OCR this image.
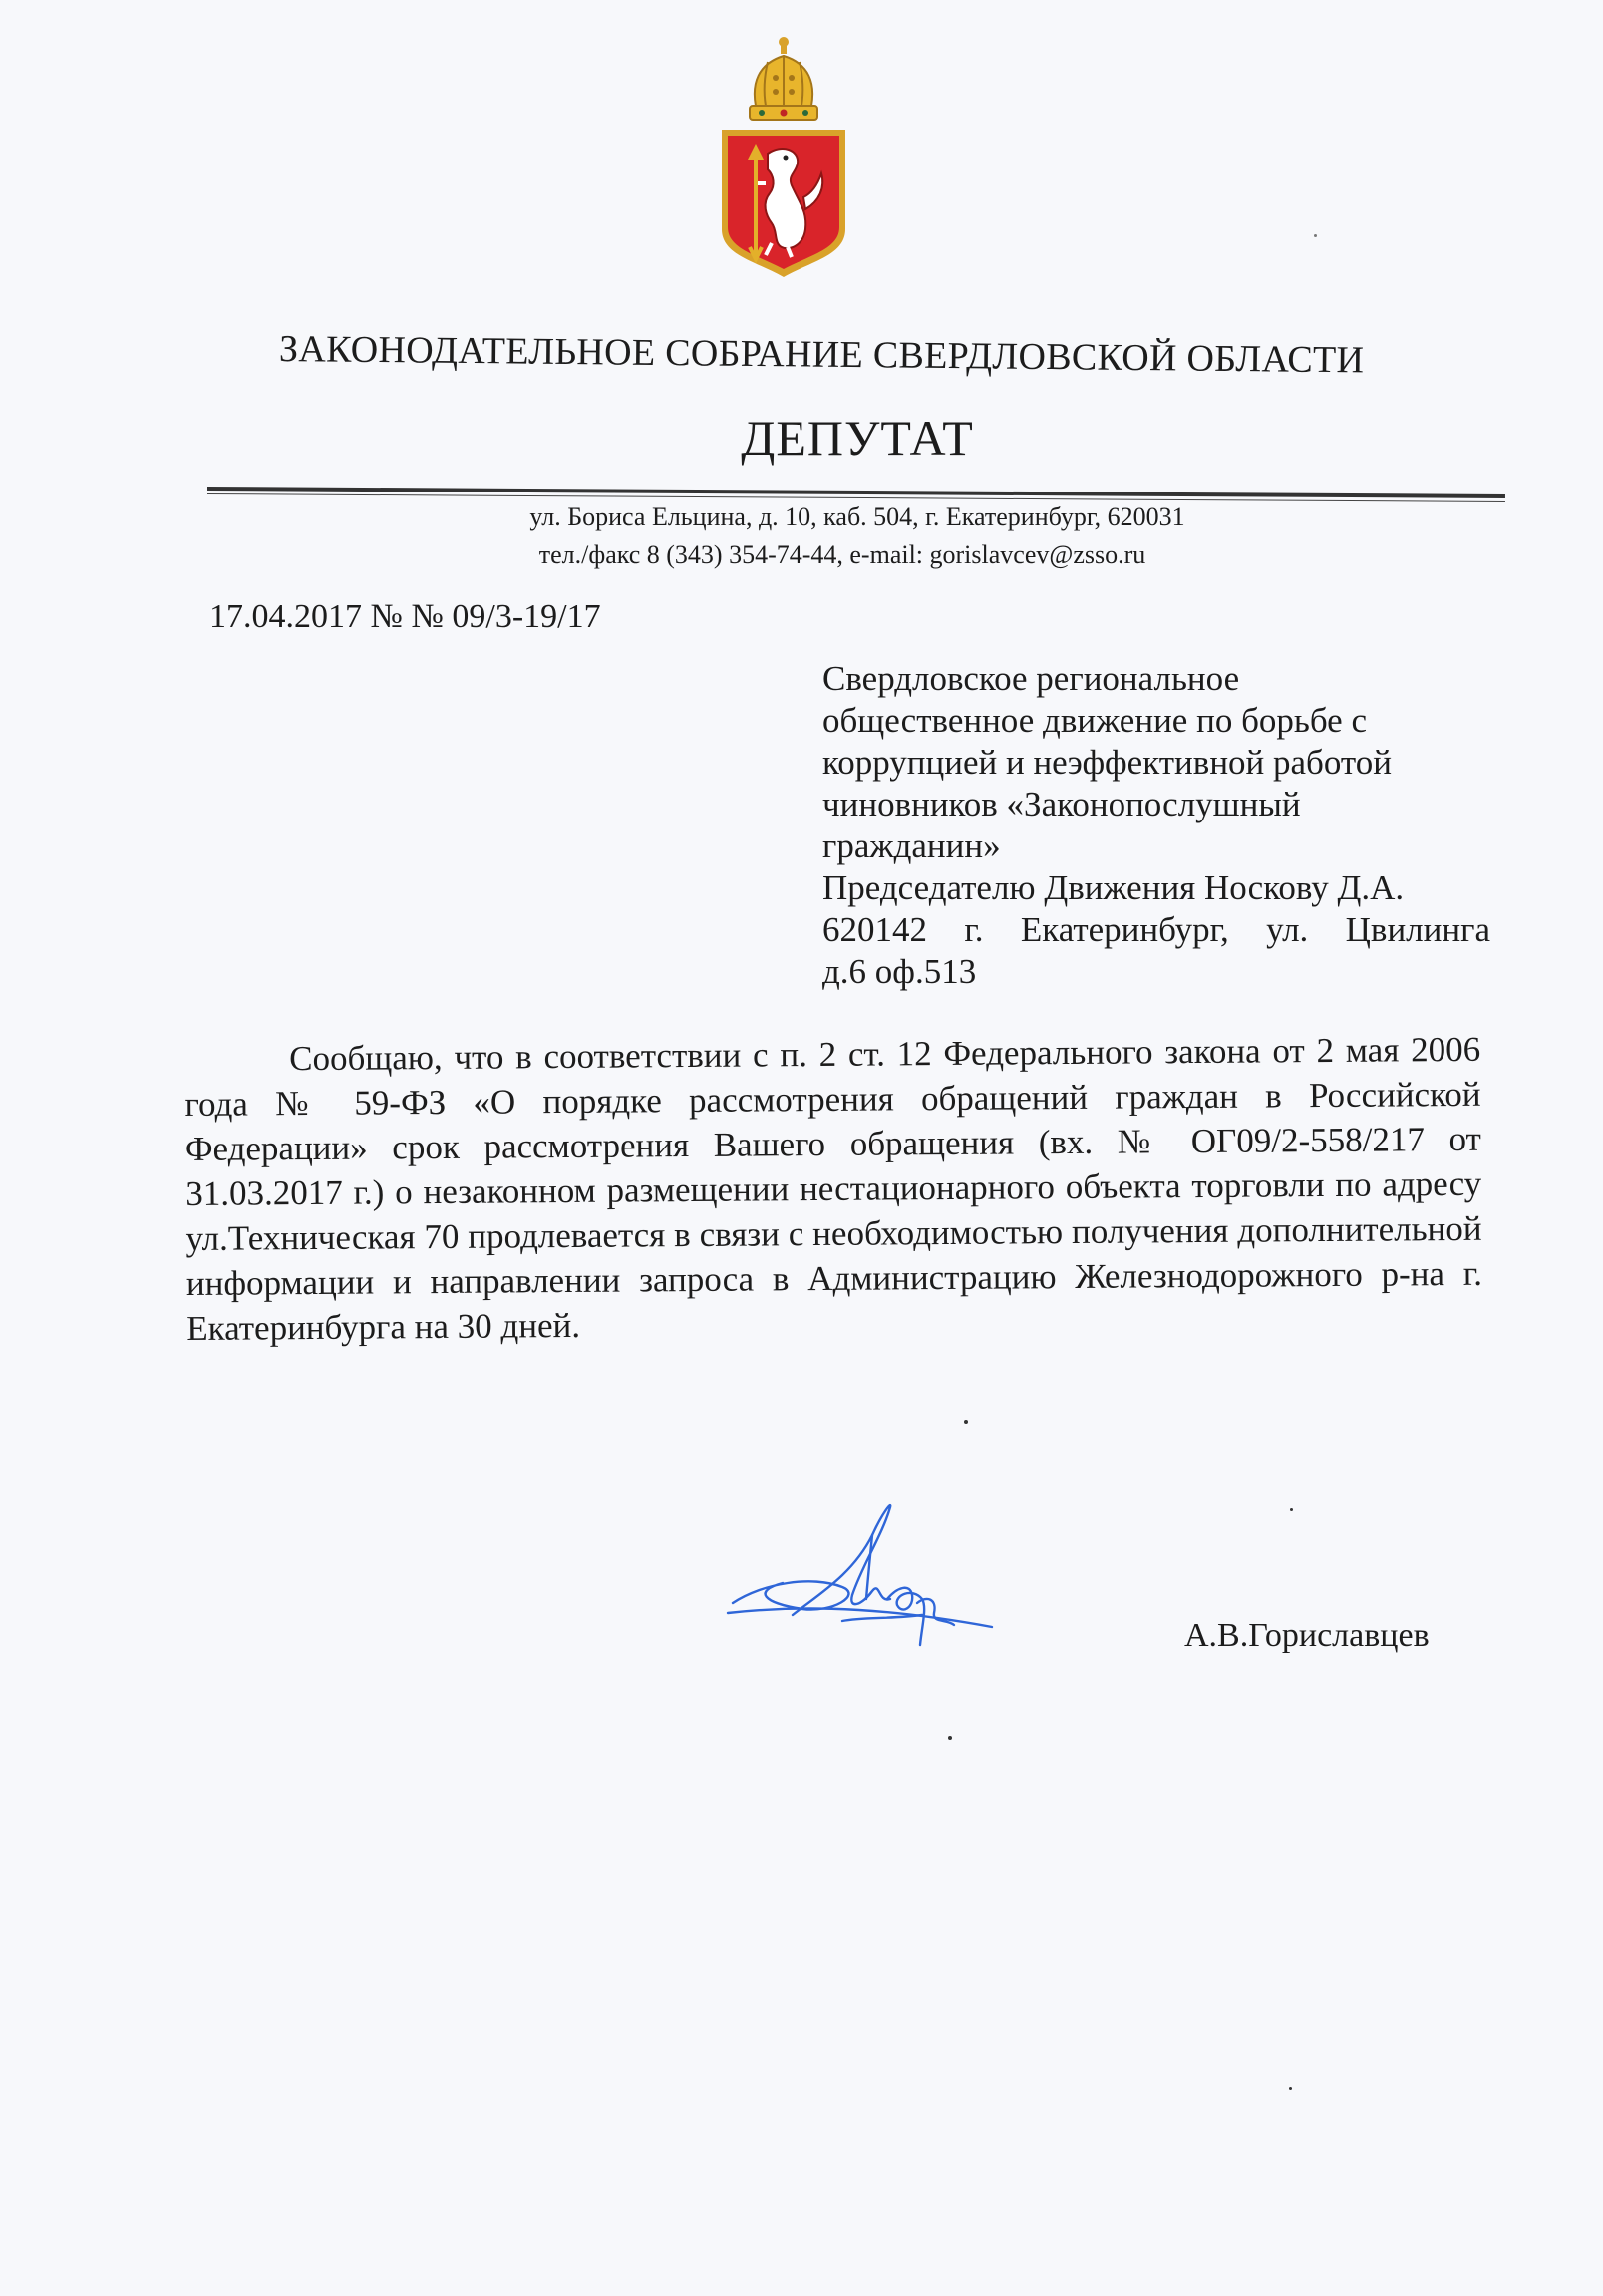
ЗАКОНОДАТЕЛЬНОЕ СОБРАНИЕ СВЕРДЛОВСКОЙ ОБЛАСТИ
ДЕПУТАТ
ул. Бориса Ельцина, д. 10, каб. 504, г. Екатеринбург, 620031
тел./факс 8 (343) 354-74-44, e-mail: gorislavcev@zsso.ru
17.04.2017 № № 09/3-19/17
Свердловское региональное
общественное движение по борьбе с
коррупцией и неэффективной работой
чиновников «Законопослушный
гражданин»
Председателю Движения Носкову Д.А.
620142 г. Екатеринбург, ул. Цвилинга
д.6 оф.513
Сообщаю, что в соответствии с п. 2 ст. 12 Федерального закона от 2 мая 2006 года № 59-ФЗ «О порядке рассмотрения обращений граждан в Российской Федерации» срок рассмотрения Вашего обращения (вх. № ОГ09/2-558/217 от 31.03.2017 г.) о незаконном размещении нестационарного объекта торговли по адресу ул.Техническая 70 продлевается в связи с необходимостью получения дополнительной информации и направлении запроса в Администрацию Железнодорожного р-на г. Екатеринбурга на 30 дней.
А.В.Гориславцев
